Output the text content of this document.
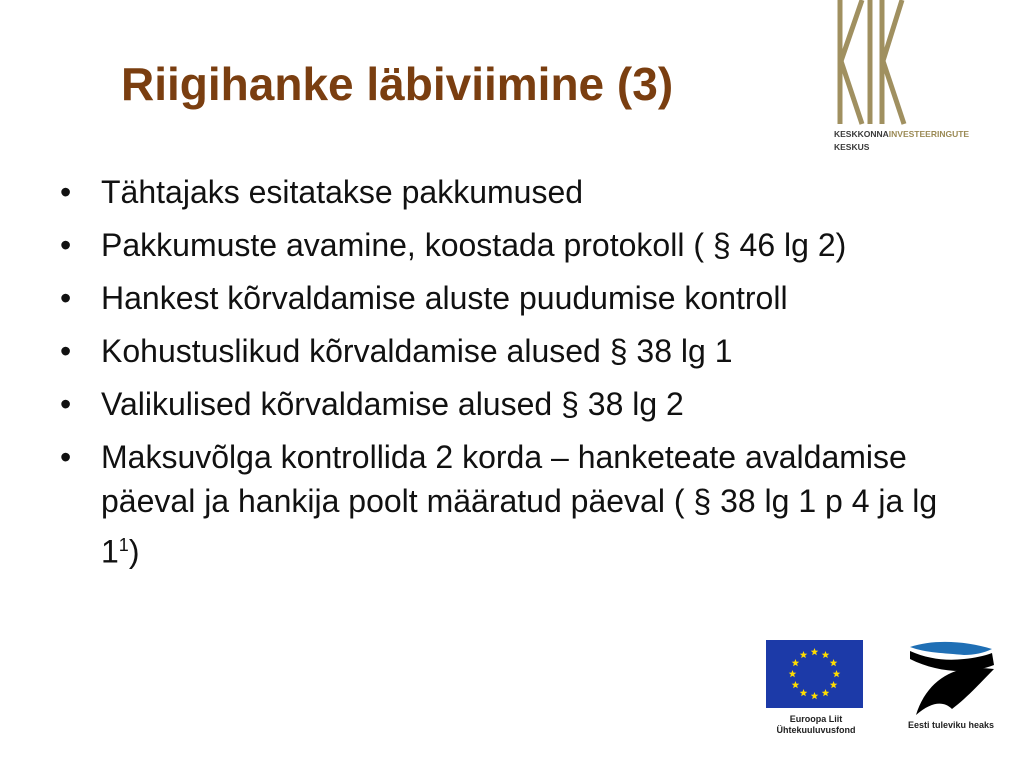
Riigihanke läbiviimine (3)
KESKKONNAINVESTEERINGUTE
KESKUS
• Tähtajaks esitatakse pakkumused
• Pakkumuste avamine, koostada protokoll ( § 46 lg 2)
• Hankest kõrvaldamise aluste puudumise kontroll
• Kohustuslikud kõrvaldamise alused § 38 lg 1
• Valikulised kõrvaldamise alused § 38 lg 2
• Maksuvõlga kontrollida 2 korda – hanketeate avaldamise päeval ja hankija poolt määratud päeval ( § 38 lg 1 p 4 ja $\lg 1^1$)
Euroopa Liit
Ühtekuuluvusfond	Eesti tuleviku heaks
